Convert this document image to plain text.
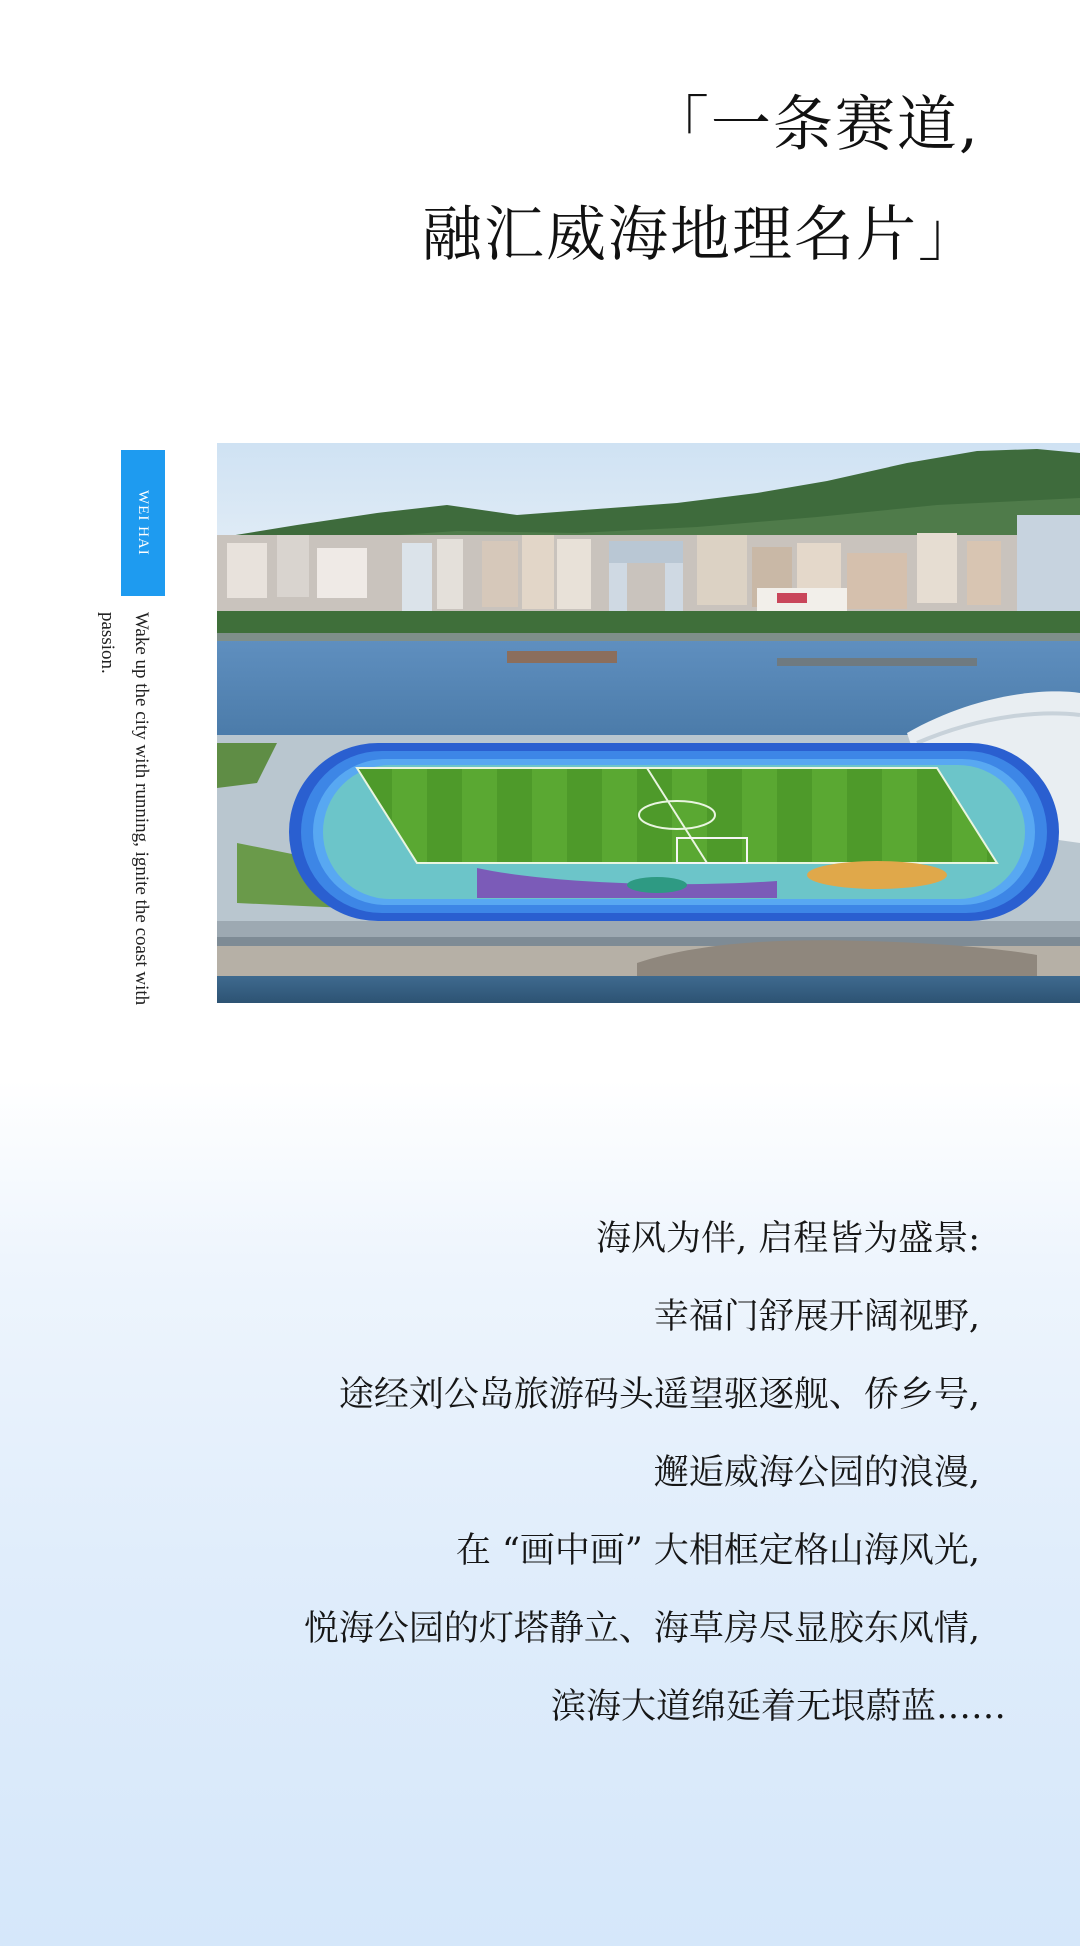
「一条赛道,
融汇威海地理名片」
WEI HAI
Wake up the city with running, ignite the coast with passion.
海风为伴, 启程皆为盛景:
幸福门舒展开阔视野,
途经刘公岛旅游码头遥望驱逐舰、侨乡号,
邂逅威海公园的浪漫,
在 “画中画” 大相框定格山海风光,
悦海公园的灯塔静立、海草房尽显胶东风情,
滨海大道绵延着无垠蔚蓝……
